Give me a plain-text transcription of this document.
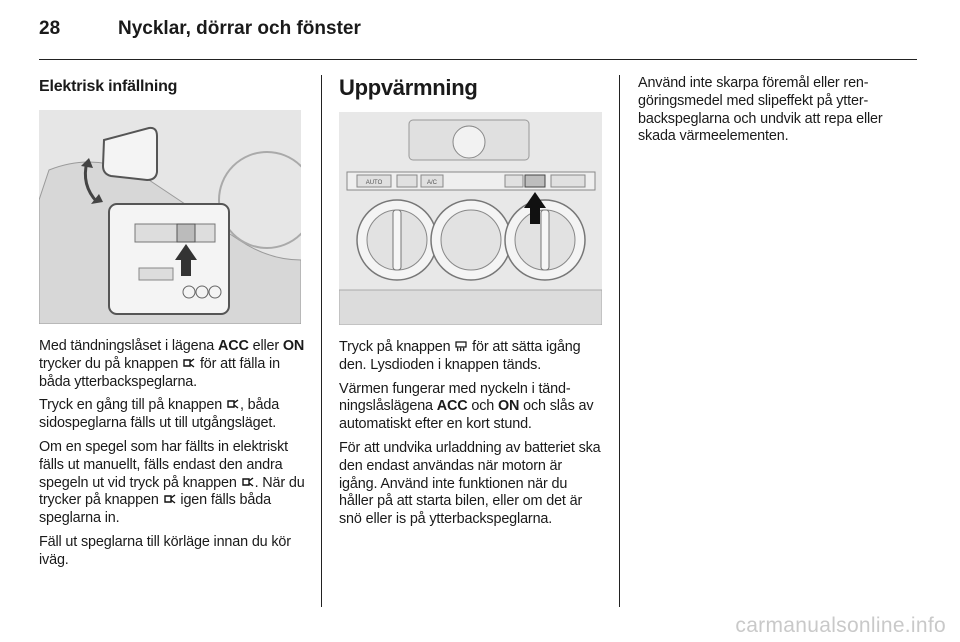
28	Nycklar, dörrar och fönster
Elektrisk infällning

Med tändningslåset i lägena ACC eller ON trycker du på knappen  för att fälla in båda ytterbackspeglarna.

Tryck en gång till på knappen , båda sidospeglarna fälls ut till utgångsläget.

Om en spegel som har fällts in elektriskt fälls ut manuellt, fälls endast den andra spegeln ut vid tryck på knappen . När du trycker på knappen  igen fälls båda speglarna in.

Fäll ut speglarna till körläge innan du kör iväg.

Uppvärmning
AUTO	A/C

Tryck på knappen  för att sätta igång den. Lysdioden i knappen tänds.

Värmen fungerar med nyckeln i tändningslåslägena ACC och ON och slås av automatiskt efter en kort stund.

För att undvika urladdning av batteriet ska den endast användas när motorn är igång. Använd inte funktionen när du håller på att starta bilen, eller om det är snö eller is på ytterbackspeglarna.

Använd inte skarpa föremål eller rengöringsmedel med slipeffekt på ytterbackspeglarna och undvik att repa eller skada värmeelementen.

carmanualsonline.info
